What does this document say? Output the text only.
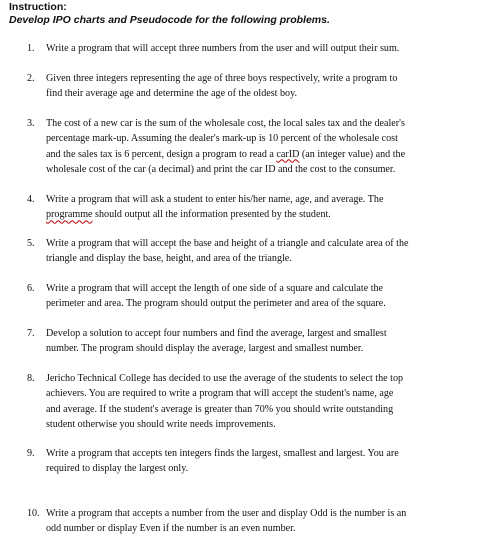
Instruction:
Develop IPO charts and Pseudocode for the following problems.
1.	Write a program that will accept three numbers from the user and will output their sum.
2.	Given three integers representing the age of three boys respectively, write a program to
find their average age and determine the age of the oldest boy.
3.	The cost of a new car is the sum of the wholesale cost, the local sales tax and the dealer's
percentage mark-up. Assuming the dealer's mark-up is 10 percent of the wholesale cost
and the sales tax is 6 percent, design a program to read a carID (an integer value) and the
wholesale cost of the car (a decimal) and print the car ID and the cost to the consumer.
4.	Write a program that will ask a student to enter his/her name, age, and average. The
programme should output all the information presented by the student.
5.	Write a program that will accept the base and height of a triangle and calculate area of the
triangle and display the base, height, and area of the triangle.
6.	Write a program that will accept the length of one side of a square and calculate the
perimeter and area. The program should output the perimeter and area of the square.
7.	Develop a solution to accept four numbers and find the average, largest and smallest
number. The program should display the average, largest and smallest number.
8.	Jericho Technical College has decided to use the average of the students to select the top
achievers. You are required to write a program that will accept the student's name, age
and average. If the student's average is greater than 70% you should write outstanding
student otherwise you should write needs improvements.
9.	Write a program that accepts ten integers finds the largest, smallest and largest. You are
required to display the largest only.
10. Write a program that accepts a number from the user and display Odd is the number is an
odd number or display Even if the number is an even number.
